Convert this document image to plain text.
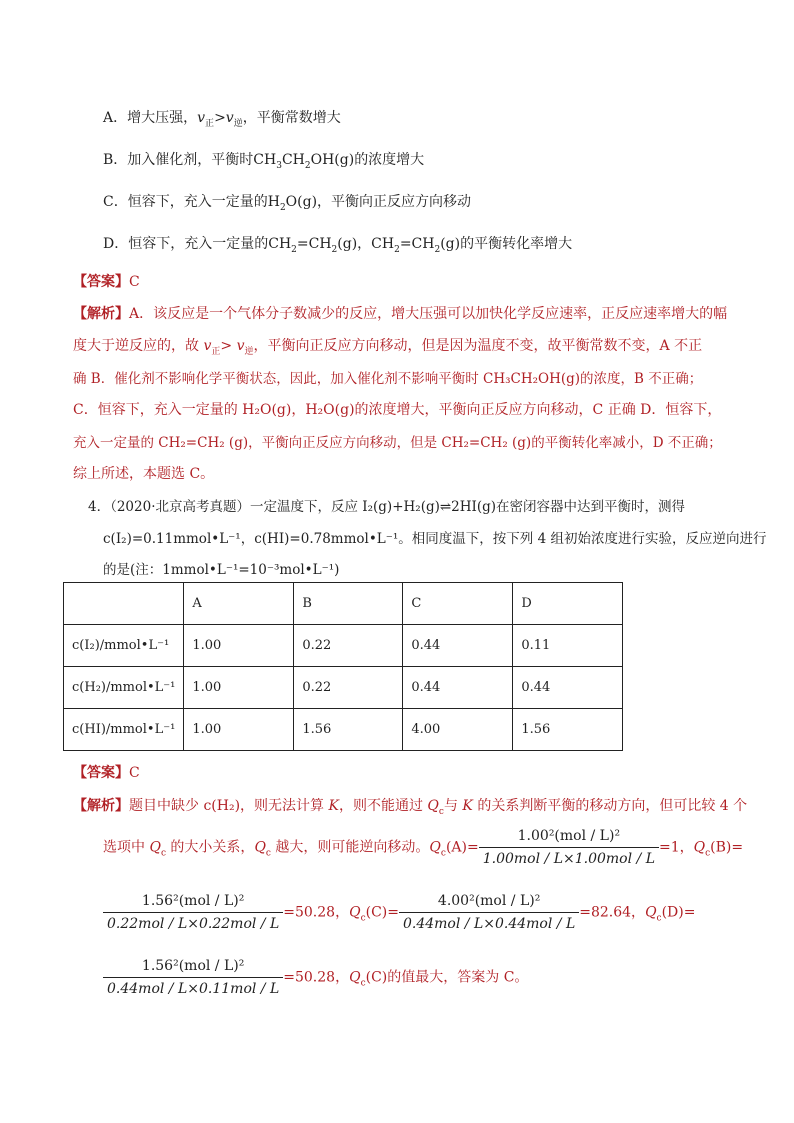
A．增大压强，$v_正>v_逆$，平衡常数增大
B．加入催化剂，平衡时$CH_3CH_2OH(g)$的浓度增大
C．恒容下，充入一定量的$H_2O(g)$，平衡向正反应方向移动
D．恒容下，充入一定量的$CH_2=CH_2(g)$，$CH_2=CH_2(g)$的平衡转化率增大
【答案】C
【解析】A．该反应是一个气体分子数减少的反应，增大压强可以加快化学反应速率，正反应速率增大的幅
度大于逆反应的，故 $v_正> v_逆$，平衡向正反应方向移动，但是因为温度不变，故平衡常数不变，A 不正
确 B．催化剂不影响化学平衡状态，因此，加入催化剂不影响平衡时 CH₃CH₂OH(g)的浓度，B 不正确；
C．恒容下，充入一定量的 H₂O(g)，H₂O(g)的浓度增大，平衡向正反应方向移动，C 正确 D．恒容下，
充入一定量的 CH₂=CH₂ (g)，平衡向正反应方向移动，但是 CH₂=CH₂ (g)的平衡转化率减小，D 不正确；
综上所述，本题选 C。
4．（2020·北京高考真题）一定温度下，反应 I₂(g)+H₂(g)⇌2HI(g)在密闭容器中达到平衡时，测得
c(I₂)=0.11mmol•L⁻¹，c(HI)=0.78mmol•L⁻¹。相同度温下，按下列 4 组初始浓度进行实验，反应逆向进行
的是(注：1mmol•L⁻¹=10⁻³mol•L⁻¹)
	A	B	C	D
c(I₂)/mmol•L⁻¹	1.00	0.22	0.44	0.11
c(H₂)/mmol•L⁻¹	1.00	0.22	0.44	0.44
c(HI)/mmol•L⁻¹	1.00	1.56	4.00	1.56
【答案】C
【解析】题目中缺少 c(H₂)，则无法计算 K，则不能通过 $Q_c$与 K 的关系判断平衡的移动方向，但可比较 4 个
选项中 $Q_c$ 的大小关系，$Q_c$ 越大，则可能逆向移动。$Q_c(A)= \frac{\text{1.00²(mol / L)²}}{\text{1.00mol / L×1.00mol / L}} =1$，$Q_c(B)=$
$\frac{\text{1.56²(mol / L)²}}{\text{0.22mol / L×0.22mol / L}} =50.28$，$Q_c(C)= \frac{\text{4.00²(mol / L)²}}{\text{0.44mol / L×0.44mol / L}} =82.64$，$Q_c(D)=$
$\frac{\text{1.56²(mol / L)²}}{\text{0.44mol / L×0.11mol / L}} =50.28$，$Q_c(C)$的值最大，答案为 C。
